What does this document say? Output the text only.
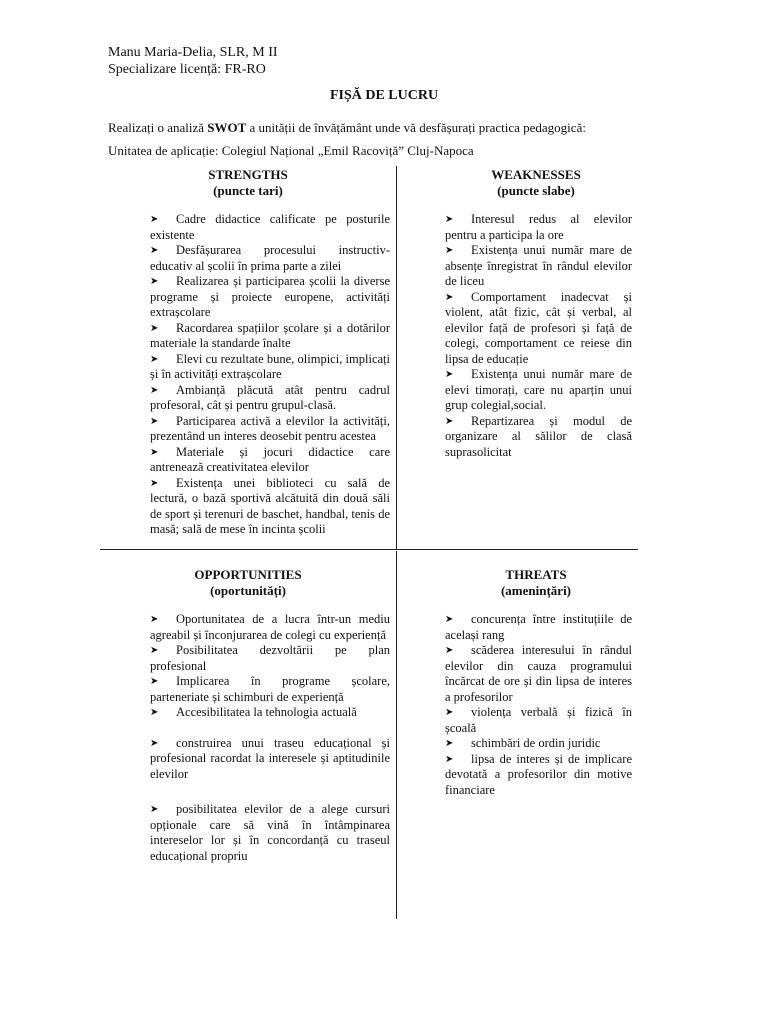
Manu Maria-Delia, SLR, M II
Specializare licență: FR-RO
FIȘĂ DE LUCRU
Realizați o analiză SWOT a unității de învățământ unde vă desfășurați practica pedagogică:
Unitatea de aplicație: Colegiul Național „Emil Racoviță” Cluj-Napoca
STRENGTHS
(puncte tari)
WEAKNESSES
(puncte slabe)
OPPORTUNITIES
(oportunități)
THREATS
(amenințări)

➤ Cadre didactice calificate pe posturile existente

➤ Desfășurarea procesului instructiv-educativ al școlii în prima parte a zilei

➤ Realizarea și participarea școlii la diverse programe și proiecte europene, activități extrașcolare

➤ Racordarea spațiilor școlare și a dotărilor materiale la standarde înalte

➤ Elevi cu rezultate bune, olimpici, implicați și în activități extrașcolare

➤ Ambianță plăcută atât pentru cadrul profesoral, cât și pentru grupul-clasă.

➤ Participarea activă a elevilor la activități, prezentând un interes deosebit pentru acestea

➤ Materiale și jocuri didactice care antrenează creativitatea elevilor

➤ Existența unei biblioteci cu sală de lectură, o bază sportivă alcătuită din două săli de sport și terenuri de baschet, handbal, tenis de masă; sală de mese în incinta școlii

➤ Interesul redus al elevilor pentru a participa la ore

➤ Existența unui număr mare de absențe înregistrat în rândul elevilor de liceu

➤ Comportament inadecvat și violent, atât fizic, cât și verbal, al elevilor față de profesori și față de colegi, comportament ce reiese din lipsa de educație

➤ Existența unui număr mare de elevi timorați, care nu aparțin unui grup colegial,social.

➤ Repartizarea și modul de organizare al sălilor de clasă suprasolicitat

➤ Oportunitatea de a lucra într-un mediu agreabil și înconjurarea de colegi cu experiență

➤ Posibilitatea dezvoltării pe plan profesional

➤ Implicarea în programe școlare, parteneriate și schimburi de experiență

➤ Accesibilitatea la tehnologia actuală

➤ construirea unui traseu educațional și profesional racordat la interesele și aptitudinile elevilor

➤ posibilitatea elevilor de a alege cursuri opționale care să vină în întâmpinarea intereselor lor și în concordanță cu traseul educațional propriu

➤ concurența între instituțiile de același rang

➤ scăderea interesului în rândul elevilor din cauza programului încărcat de ore și din lipsa de interes a profesorilor

➤ violența verbală și fizică în școală

➤ schimbări de ordin juridic

➤ lipsa de interes și de implicare devotată a profesorilor din motive financiare
